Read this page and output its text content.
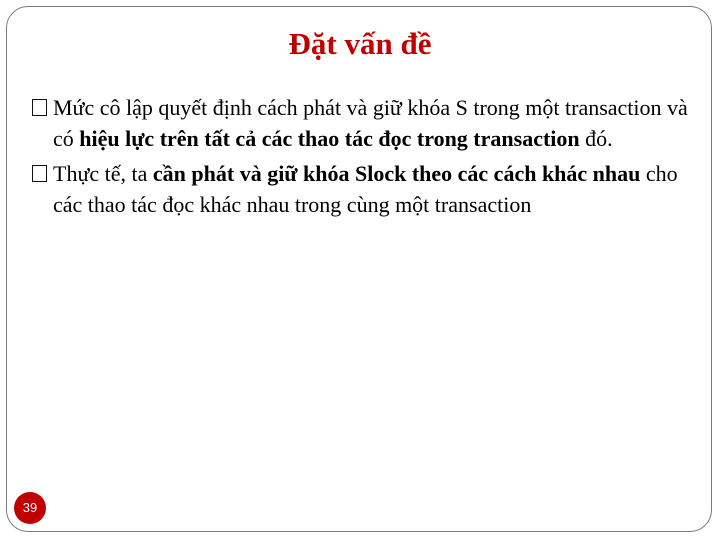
Đặt vấn đề
Mức cô lập quyết định cách phát và giữ khóa S trong một transaction và có hiệu lực trên tất cả các thao tác đọc trong transaction đó.
Thực tế, ta cần phát và giữ khóa Slock theo các cách khác nhau cho các thao tác đọc khác nhau trong cùng một transaction
39
